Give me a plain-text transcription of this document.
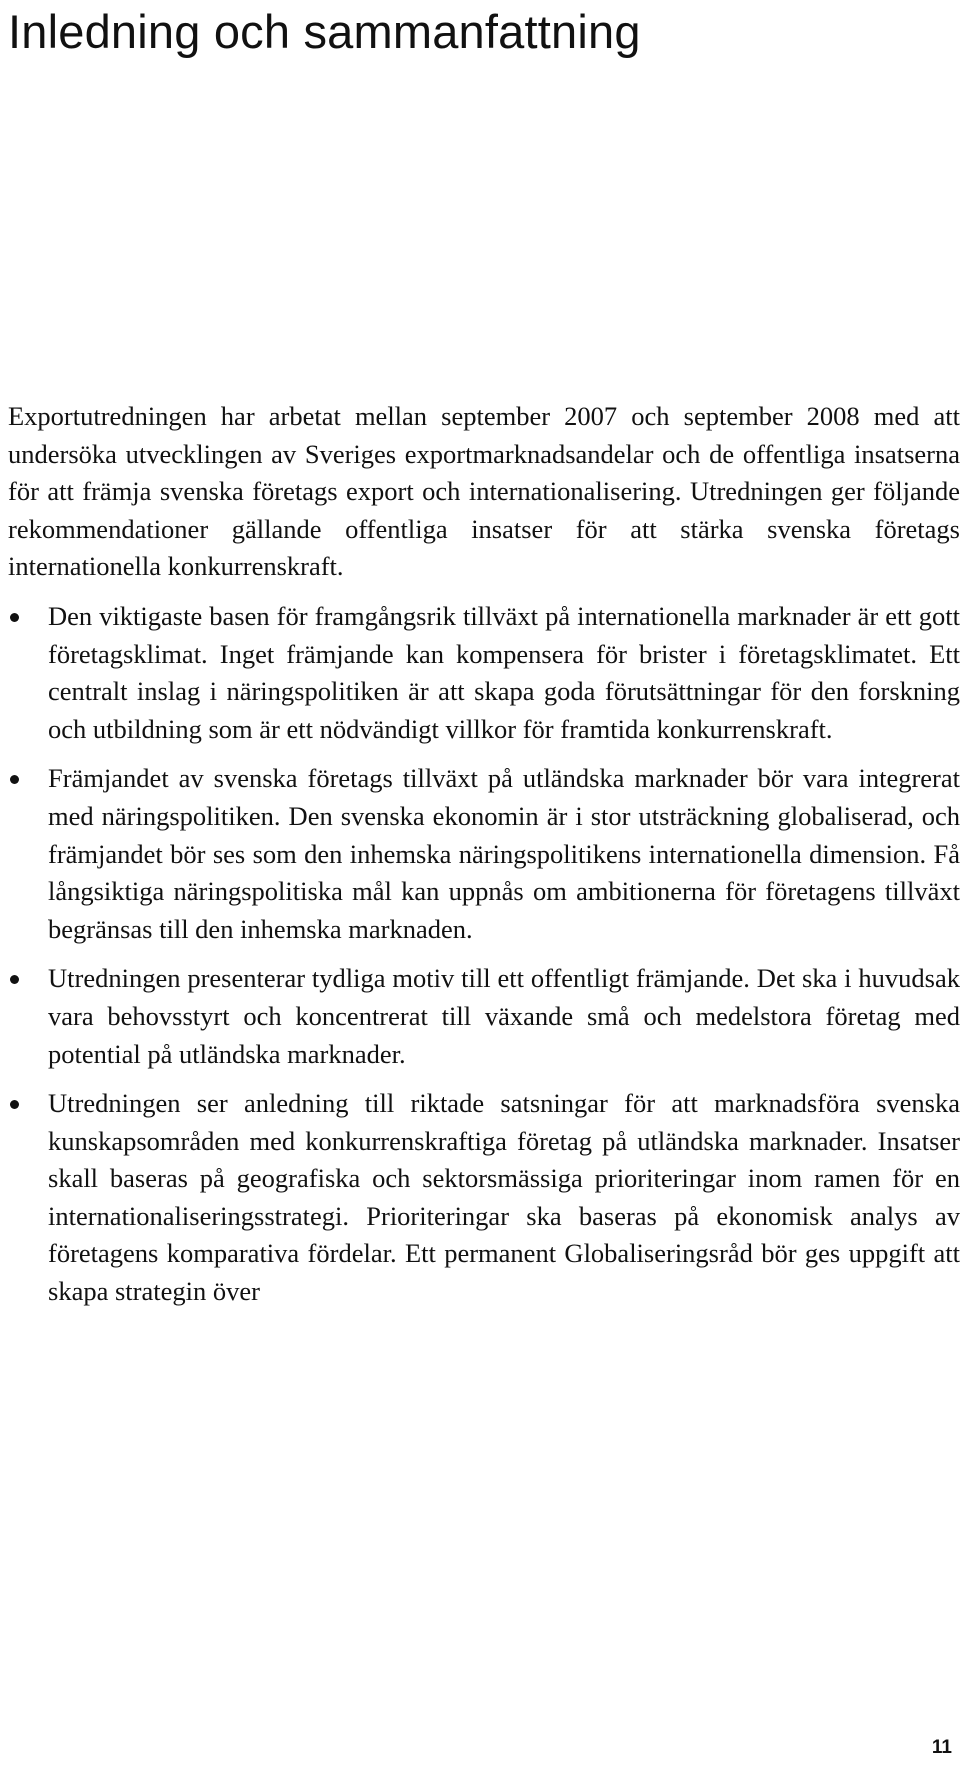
Inledning och sammanfattning

Exportutredningen har arbetat mellan september 2007 och september 2008 med att undersöka utvecklingen av Sveriges exportmarknadsandelar och de offentliga insatserna för att främja svenska företags export och internationalisering. Utredningen ger följande rekommendationer gällande offentliga insatser för att stärka svenska företags internationella konkurrenskraft.

Den viktigaste basen för framgångsrik tillväxt på internationella marknader är ett gott företagsklimat. Inget främjande kan kompensera för brister i företagsklimatet. Ett centralt inslag i näringspolitiken är att skapa goda förutsättningar för den forskning och utbildning som är ett nödvändigt villkor för framtida konkurrenskraft.
Främjandet av svenska företags tillväxt på utländska marknader bör vara integrerat med näringspolitiken. Den svenska ekonomin är i stor utsträckning globaliserad, och främjandet bör ses som den inhemska näringspolitikens internationella dimension. Få långsiktiga näringspolitiska mål kan uppnås om ambitionerna för företagens tillväxt begränsas till den inhemska marknaden.
Utredningen presenterar tydliga motiv till ett offentligt främjande. Det ska i huvudsak vara behovsstyrt och koncentrerat till växande små och medelstora företag med potential på utländska marknader.
Utredningen ser anledning till riktade satsningar för att marknadsföra svenska kunskapsområden med konkurrenskraftiga företag på utländska marknader. Insatser skall baseras på geografiska och sektorsmässiga prioriteringar inom ramen för en internationaliseringsstrategi. Prioriteringar ska baseras på ekonomisk analys av företagens komparativa fördelar. Ett permanent Globaliseringsråd bör ges uppgift att skapa strategin över
11
